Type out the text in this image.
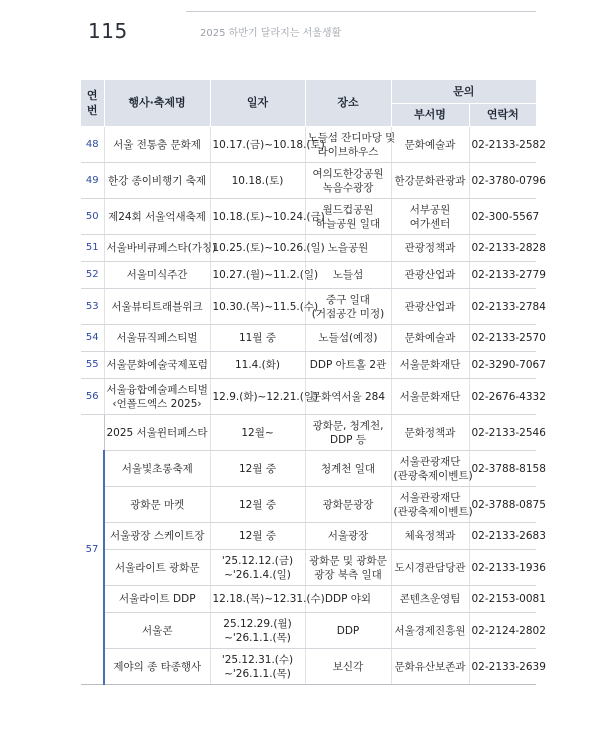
115	2025 하반기 달라지는 서울생활
연번	행사·축제명	일자	장소	문의	
				부서명	연락처
48	서울 전통춤 문화제	10.17.(금)~10.18.(토)	노들섬 잔디마당 및
라이브하우스	문화예술과	02-2133-2582

49	한강 종이비행기 축제	10.18.(토)	여의도한강공원
녹음수광장	한강문화관광과	02-3780-0796

50	제24회 서울억새축제	10.18.(토)~10.24.(금)	월드컵공원
하늘공원 일대	서부공원
여가센터	02-300-5567

51	서울바비큐페스타(가칭)	10.25.(토)~10.26.(일)	노을공원	관광정책과	02-2133-2828

52	서울미식주간	10.27.(월)~11.2.(일)	노들섬	관광산업과	02-2133-2779

53	서울뷰티트래블위크	10.30.(목)~11.5.(수)	중구 일대
(거점공간 미정)	관광산업과	02-2133-2784

54	서울뮤직페스티벌	11월 중	노들섬(예정)	문화예술과	02-2133-2570

55	서울문화예술국제포럼	11.4.(화)	DDP 아트홀 2관	서울문화재단	02-3290-7067

56	서울융합예술페스티벌
‹언폴드엑스 2025›	12.9.(화)~12.21.(일)	문화역서울 284	서울문화재단	02-2676-4332

57	2025 서울윈터페스타	12월~	광화문, 청계천,
DDP 등	문화정책과	02-2133-2546

	서울빛초롱축제	12월 중	청계천 일대	서울관광재단
(관광축제이벤트)	02-3788-8158

	광화문 마켓	12월 중	광화문광장	서울관광재단
(관광축제이벤트)	02-3788-0875

	서울광장 스케이트장	12월 중	서울광장	체육정책과	02-2133-2683

	서울라이트 광화문	'25.12.12.(금)
~'26.1.4.(일)	광화문 및 광화문
광장 북측 일대	도시경관담당관	02-2133-1936

	서울라이트 DDP	12.18.(목)~12.31.(수)	DDP 야외	콘텐츠운영팀	02-2153-0081

	서울콘	25.12.29.(월)
~'26.1.1.(목)	DDP	서울경제진흥원	02-2124-2802

	제야의 종 타종행사	'25.12.31.(수)
~'26.1.1.(목)	보신각	문화유산보존과	02-2133-2639
